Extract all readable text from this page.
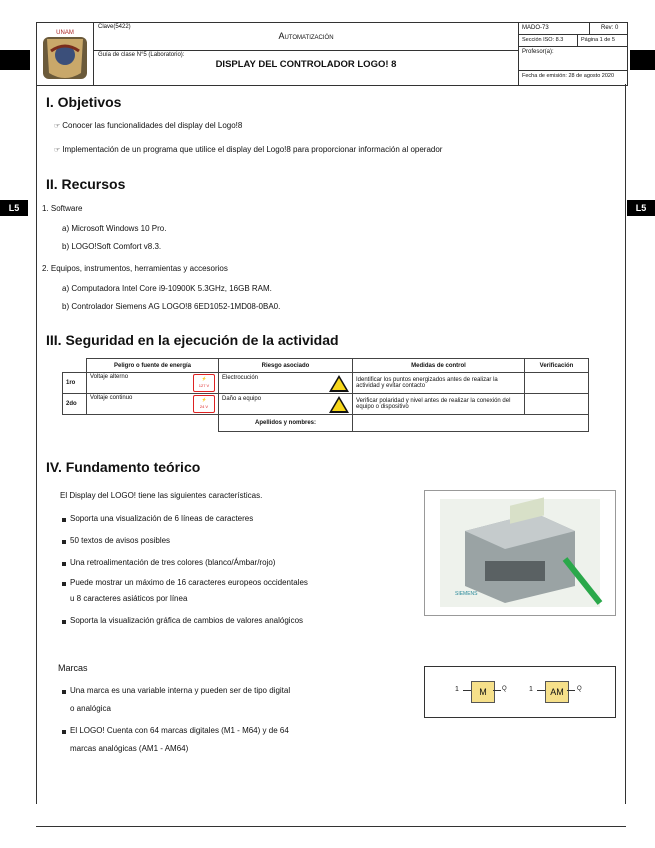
L5	L5
UNAM
Clave(5422)
Automatización
Guía de clase N°5 (Laboratorio):
DISPLAY DEL CONTROLADOR LOGO! 8
MADO-73	Rev: 0
Sección ISO: 8.3	Página 1 de 5
Profesor(a):
Fecha de emisión: 28 de agosto 2020
I. Objetivos
☞ Conocer las funcionalidades del display del Logo!8
☞ Implementación de un programa que utilice el display del Logo!8 para proporcionar información al operador
II. Recursos
1. Software
a) Microsoft Windows 10 Pro.
b) LOGO!Soft Comfort v8.3.
2. Equipos, instrumentos, herramientas y accesorios
a) Computadora Intel Core i9-10900K 5.3GHz, 16GB RAM.
b) Controlador Siemens AG LOGO!8 6ED1052-1MD08-0BA0.
III. Seguridad en la ejecución de la actividad
	Peligro o fuente de energía	Riesgo asociado	Medidas de control	Verificación
1ro	Voltaje alterno ⚡
127 V	Electrocución	Identificar los puntos energizados antes de realizar la actividad y evitar contacto	
2do	Voltaje continuo ⚡
24 V	Daño a equipo	Verificar polaridad y nivel antes de realizar la conexión del equipo o dispositivo	
		Apellidos y nombres:		
IV. Fundamento teórico
El Display del LOGO! tiene las siguientes características.
Soporta una visualización de 6 líneas de caracteres
50 textos de avisos posibles
Una retroalimentación de tres colores (blanco/Ámbar/rojo)
Puede mostrar un máximo de 16 caracteres europeos occidentales
u 8 caracteres asiáticos por línea
Soporta la visualización gráfica de cambios de valores analógicos
SIEMENS
Marcas
Una marca es una variable interna y pueden ser de tipo digital
o analógica
El LOGO! Cuenta con 64 marcas digitales (M1 - M64) y de 64
marcas analógicas (AM1 - AM64)
1	M	Q	1	AM	Q
